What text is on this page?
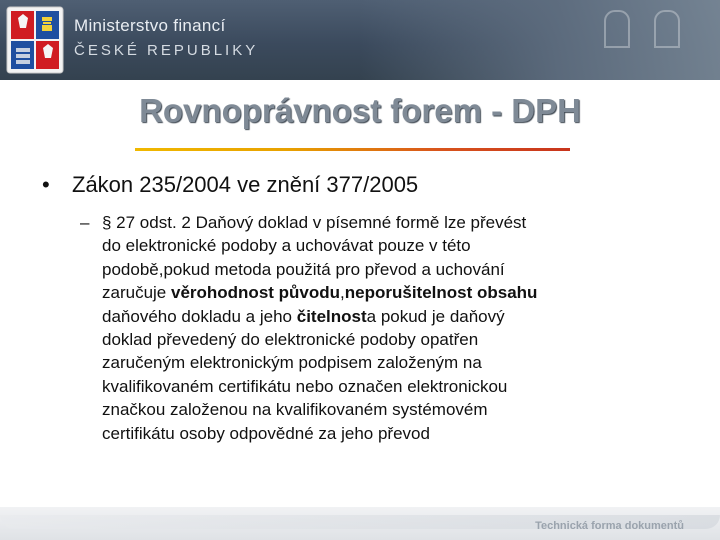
Ministerstvo financí
ČESKÉ REPUBLIKY
Rovnoprávnost forem - DPH
• Zákon 235/2004 ve znění 377/2005
– § 27 odst. 2 Daňový doklad v písemné formě lze převést
do elektronické podoby a uchovávat pouze v této
podobě,pokud metoda použitá pro převod a uchování
zaručuje věrohodnost původu,neporušitelnost obsahu
daňového dokladu a jeho čitelnosta pokud je daňový
doklad převedený do elektronické podoby opatřen
zaručeným elektronickým podpisem založeným na
kvalifikovaném certifikátu nebo označen elektronickou
značkou založenou na kvalifikovaném systémovém
certifikátu osoby odpovědné za jeho převod
Technická forma dokumentů
